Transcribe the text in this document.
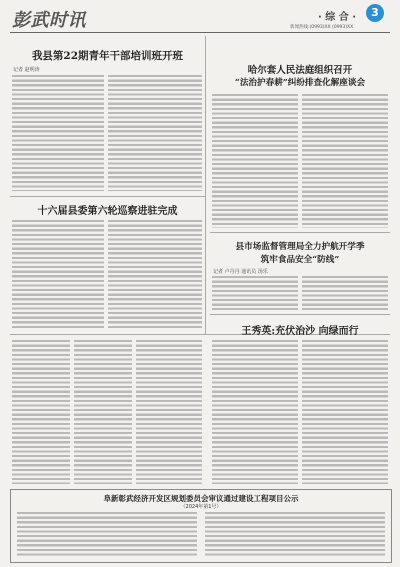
彭武时讯	· 综 合 ·	3
新闻热线:(0993)XX (0993)XX
我县第22期青年干部培训班开班
记者 赵明涛
十六届县委第六轮巡察进驻完成
哈尔套人民法庭组织召开
“法治护春耕”纠纷排查化解座谈会
县市场监督管理局全力护航开学季
筑牢食品安全“防线”
记者 卢丹丹 通讯员 汤乐
王秀英:充伏治沙 向绿而行
阜新彰武经济开发区规划委员会审议通过建设工程项目公示
（2024年第1号）
